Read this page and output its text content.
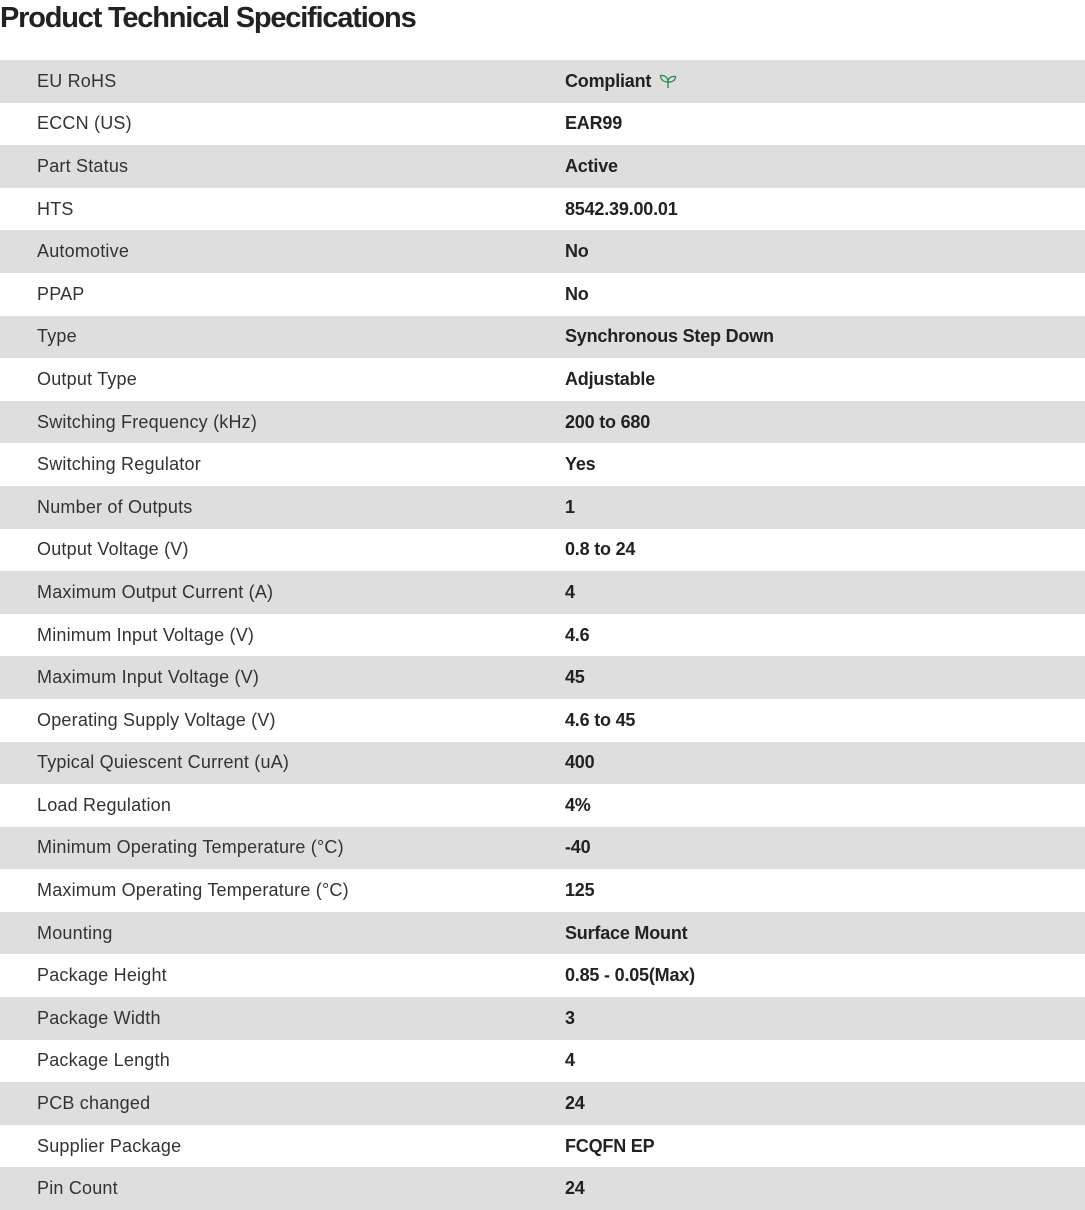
Product Technical Specifications
EU RoHS	Compliant
ECCN (US)	EAR99
Part Status	Active
HTS	8542.39.00.01
Automotive	No
PPAP	No
Type	Synchronous Step Down
Output Type	Adjustable
Switching Frequency (kHz)	200 to 680
Switching Regulator	Yes
Number of Outputs	1
Output Voltage (V)	0.8 to 24
Maximum Output Current (A)	4
Minimum Input Voltage (V)	4.6
Maximum Input Voltage (V)	45
Operating Supply Voltage (V)	4.6 to 45
Typical Quiescent Current (uA)	400
Load Regulation	4%
Minimum Operating Temperature (°C)	-40
Maximum Operating Temperature (°C)	125
Mounting	Surface Mount
Package Height	0.85 - 0.05(Max)
Package Width	3
Package Length	4
PCB changed	24
Supplier Package	FCQFN EP
Pin Count	24
